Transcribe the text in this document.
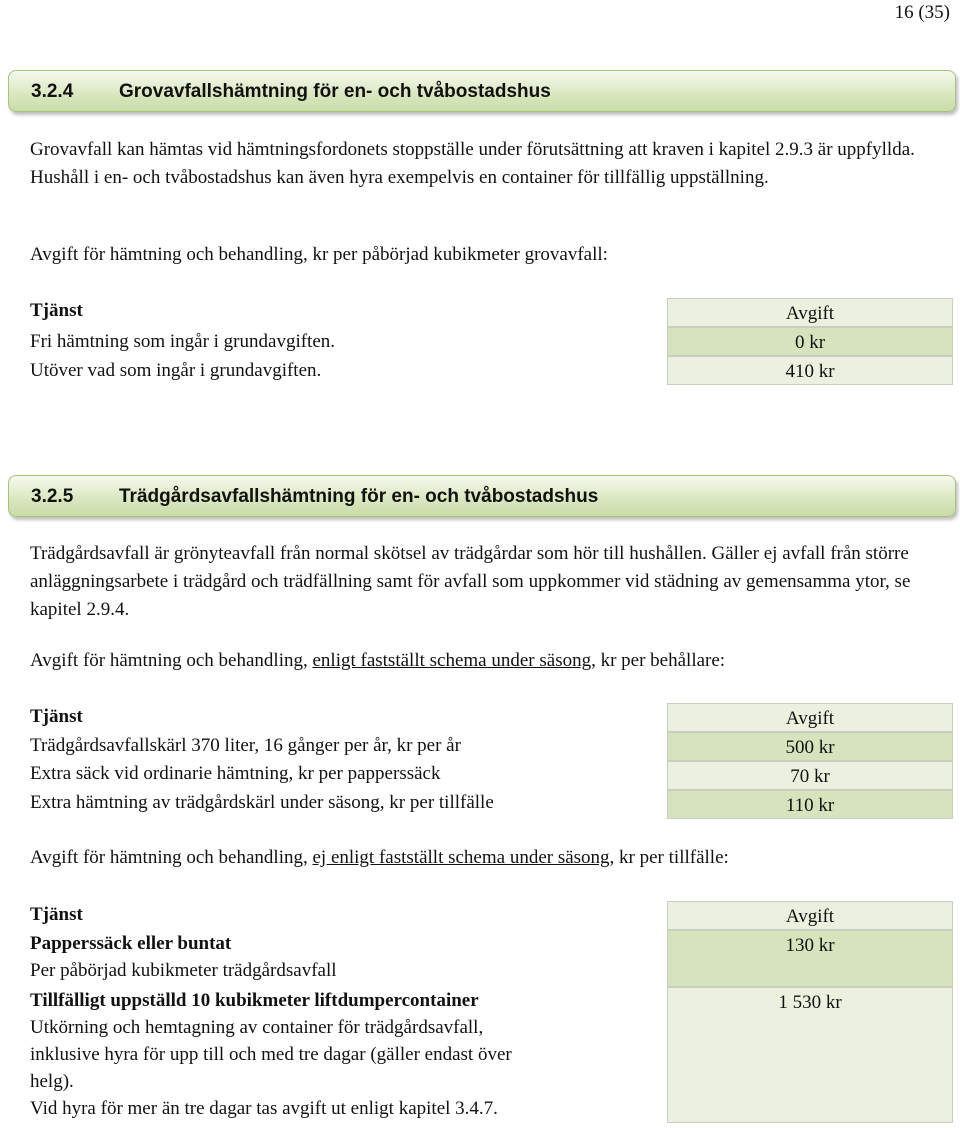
16 (35)
3.2.4 Grovavfallshämtning för en- och tvåbostadshus

Grovavfall kan hämtas vid hämtningsfordonets stoppställe under förutsättning att kraven i kapitel 2.9.3 är uppfyllda. Hushåll i en- och tvåbostadshus kan även hyra exempelvis en container för tillfällig uppställning.

Avgift för hämtning och behandling, kr per påbörjad kubikmeter grovavfall:
Tjänst
Fri hämtning som ingår i grundavgiften.
Utöver vad som ingår i grundavgiften.
Avgift
0 kr
410 kr
3.2.5 Trädgårdsavfallshämtning för en- och tvåbostadshus

Trädgårdsavfall är grönyteavfall från normal skötsel av trädgårdar som hör till hushållen. Gäller ej avfall från större anläggningsarbete i trädgård och trädfällning samt för avfall som uppkommer vid städning av gemensamma ytor, se kapitel 2.9.4.

Avgift för hämtning och behandling, enligt fastställt schema under säsong, kr per behållare:
Tjänst
Trädgårdsavfallskärl 370 liter, 16 gånger per år, kr per år
Extra säck vid ordinarie hämtning, kr per papperssäck
Extra hämtning av trädgårdskärl under säsong, kr per tillfälle
Avgift
500 kr
70 kr
110 kr
Avgift för hämtning och behandling, ej enligt fastställt schema under säsong, kr per tillfälle:
Tjänst
Papperssäck eller buntat
Per påbörjad kubikmeter trädgårdsavfall
Tillfälligt uppställd 10 kubikmeter liftdumpercontainer
Utkörning och hemtagning av container för trädgårdsavfall,
inklusive hyra för upp till och med tre dagar (gäller endast över
helg).
Vid hyra för mer än tre dagar tas avgift ut enligt kapitel 3.4.7.
Avgift
130 kr
1 530 kr
